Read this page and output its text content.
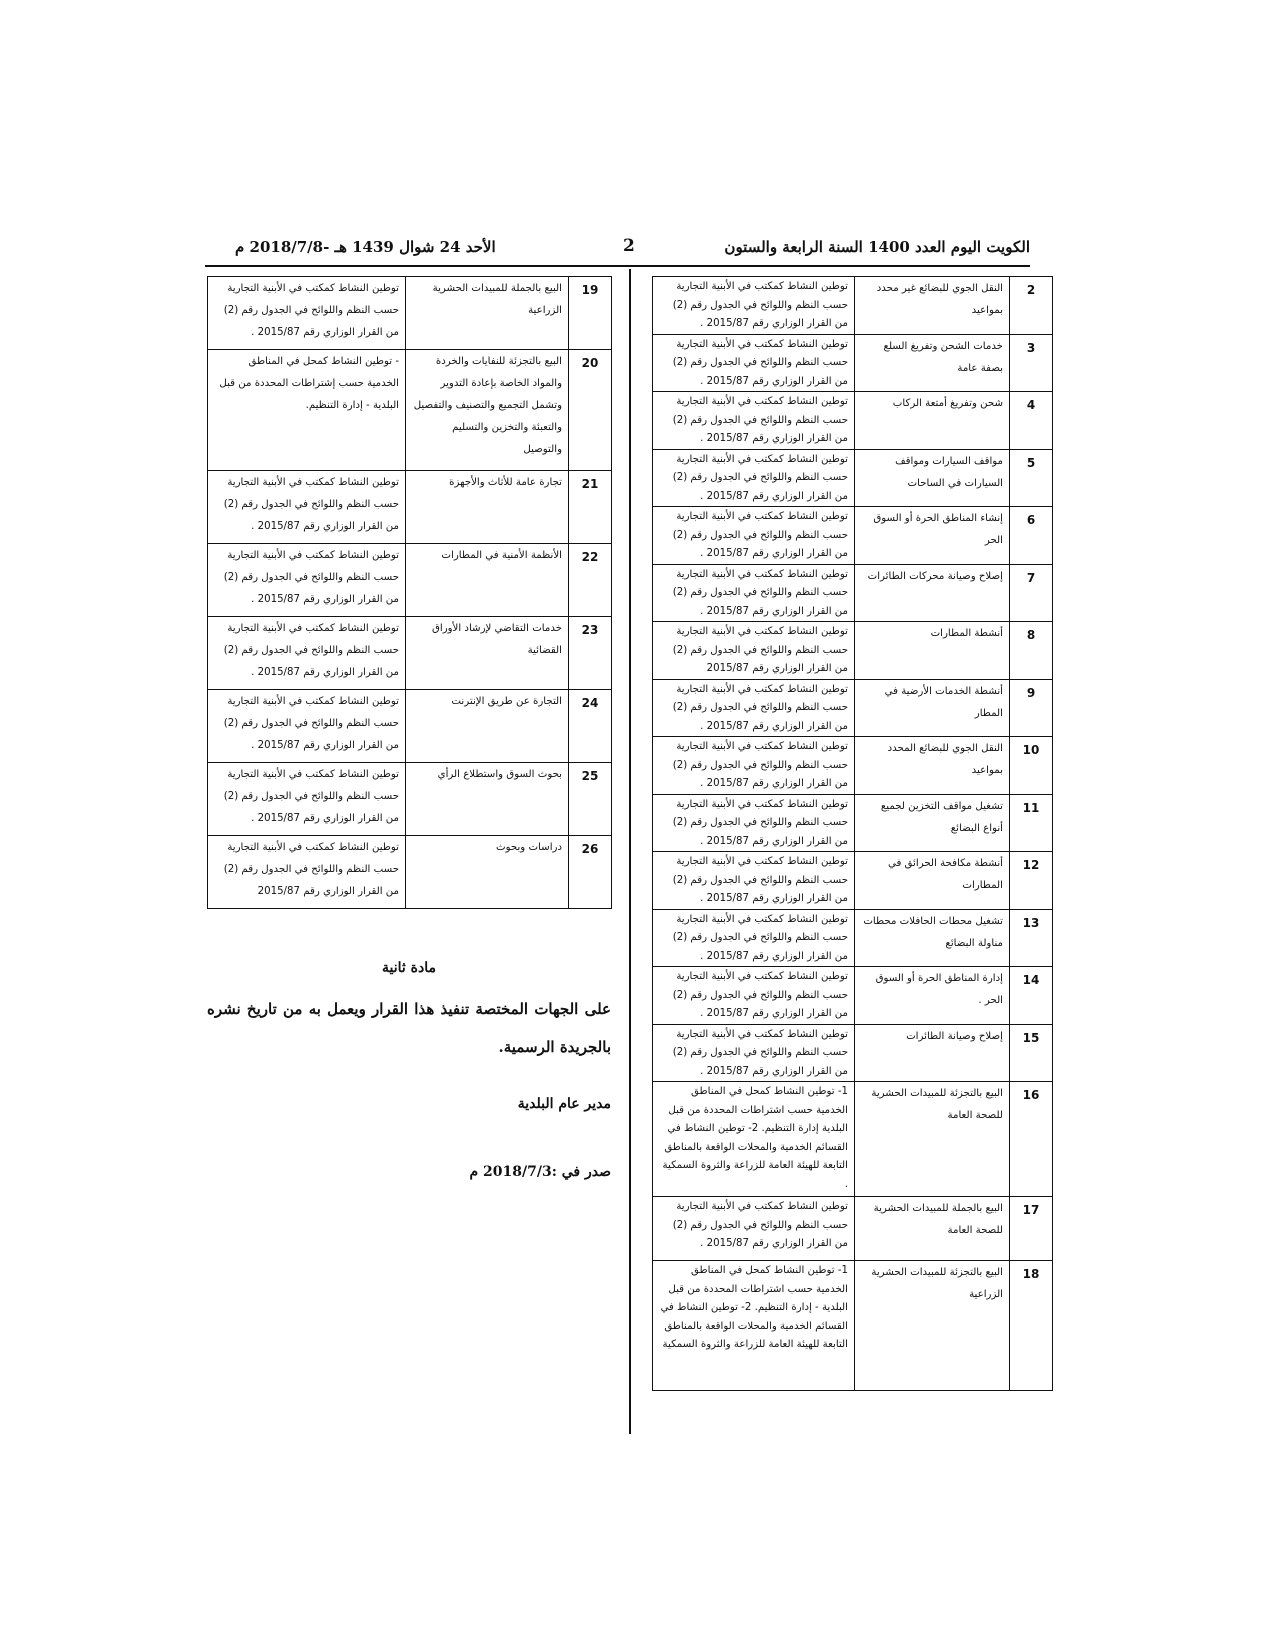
الكويت اليوم العدد 1400 السنة الرابعة والستون
2
الأحد 24 شوال 1439 هـ -2018/7/8 م
2	النقل الجوي للبضائع غير محدد بمواعيد	توطين النشاط كمكتب في الأبنية التجارية حسب النظم واللوائح في الجدول رقم (2) من القرار الوزاري رقم 2015/87 .
3	خدمات الشحن وتفريغ السلع بصفة عامة	توطين النشاط كمكتب في الأبنية التجارية حسب النظم واللوائح في الجدول رقم (2) من القرار الوزاري رقم 2015/87 .
4	شحن وتفريغ أمتعة الركاب	توطين النشاط كمكتب في الأبنية التجارية حسب النظم واللوائح في الجدول رقم (2) من القرار الوزاري رقم 2015/87 .
5	مواقف السيارات ومواقف السيارات في الساحات	توطين النشاط كمكتب في الأبنية التجارية حسب النظم واللوائح في الجدول رقم (2) من القرار الوزاري رقم 2015/87 .
6	إنشاء المناطق الحرة أو السوق الحر	توطين النشاط كمكتب في الأبنية التجارية حسب النظم واللوائح في الجدول رقم (2) من القرار الوزاري رقم 2015/87 .
7	إصلاح وصيانة محركات الطائرات	توطين النشاط كمكتب في الأبنية التجارية حسب النظم واللوائح في الجدول رقم (2) من القرار الوزاري رقم 2015/87 .
8	أنشطة المطارات	توطين النشاط كمكتب في الأبنية التجارية حسب النظم واللوائح في الجدول رقم (2) من القرار الوزاري رقم 2015/87
9	أنشطة الخدمات الأرضية في المطار	توطين النشاط كمكتب في الأبنية التجارية حسب النظم واللوائح في الجدول رقم (2) من القرار الوزاري رقم 2015/87 .
10	النقل الجوي للبضائع المحدد بمواعيد	توطين النشاط كمكتب في الأبنية التجارية حسب النظم واللوائح في الجدول رقم (2) من القرار الوزاري رقم 2015/87 .
11	تشغيل مواقف التخزين لجميع أنواع البضائع	توطين النشاط كمكتب في الأبنية التجارية حسب النظم واللوائح في الجدول رقم (2) من القرار الوزاري رقم 2015/87 .
12	أنشطة مكافحة الحرائق في المطارات	توطين النشاط كمكتب في الأبنية التجارية حسب النظم واللوائح في الجدول رقم (2) من القرار الوزاري رقم 2015/87 .
13	تشغيل محطات الحافلات محطات مناولة البضائع	توطين النشاط كمكتب في الأبنية التجارية حسب النظم واللوائح في الجدول رقم (2) من القرار الوزاري رقم 2015/87 .
14	إدارة المناطق الحرة أو السوق الحر .	توطين النشاط كمكتب في الأبنية التجارية حسب النظم واللوائح في الجدول رقم (2) من القرار الوزاري رقم 2015/87 .
15	إصلاح وصيانة الطائرات	توطين النشاط كمكتب في الأبنية التجارية حسب النظم واللوائح في الجدول رقم (2) من القرار الوزاري رقم 2015/87 .
16	البيع بالتجزئة للمبيدات الحشرية للصحة العامة	1- توطين النشاط كمحل في المناطق الخدمية حسب اشتراطات المحددة من قبل البلدية إدارة التنظيم. 2- توطين النشاط في القسائم الخدمية والمحلات الواقعة بالمناطق التابعة للهيئة العامة للزراعة والثروة السمكية .
17	البيع بالجملة للمبيدات الحشرية للصحة العامة	توطين النشاط كمكتب في الأبنية التجارية حسب النظم واللوائح في الجدول رقم (2) من القرار الوزاري رقم 2015/87 .
18	البيع بالتجزئة للمبيدات الحشرية الزراعية	1- توطين النشاط كمحل في المناطق الخدمية حسب اشتراطات المحددة من قبل البلدية - إدارة التنظيم. 2- توطين النشاط في القسائم الخدمية والمحلات الواقعة بالمناطق التابعة للهيئة العامة للزراعة والثروة السمكية
19	البيع بالجملة للمبيدات الحشرية الزراعية	توطين النشاط كمكتب في الأبنية التجارية حسب النظم واللوائح في الجدول رقم (2) من القرار الوزاري رقم 2015/87 .
20	البيع بالتجزئة للنفايات والخردة والمواد الخاصة بإعادة التدوير وتشمل التجميع والتصنيف والتفصيل والتعبئة والتخزين والتسليم والتوصيل	- توطين النشاط كمحل في المناطق الخدمية حسب إشتراطات المحددة من قبل البلدية - إدارة التنظيم.
21	تجارة عامة للأثاث والأجهزة	توطين النشاط كمكتب في الأبنية التجارية حسب النظم واللوائح في الجدول رقم (2) من القرار الوزاري رقم 2015/87 .
22	الأنظمة الأمنية في المطارات	توطين النشاط كمكتب في الأبنية التجارية حسب النظم واللوائح في الجدول رقم (2) من القرار الوزاري رقم 2015/87 .
23	خدمات التقاضي لإرشاد الأوراق القضائية	توطين النشاط كمكتب في الأبنية التجارية حسب النظم واللوائح في الجدول رقم (2) من القرار الوزاري رقم 2015/87 .
24	التجارة عن طريق الإنترنت	توطين النشاط كمكتب في الأبنية التجارية حسب النظم واللوائح في الجدول رقم (2) من القرار الوزاري رقم 2015/87 .
25	بحوث السوق واستطلاع الرأي	توطين النشاط كمكتب في الأبنية التجارية حسب النظم واللوائح في الجدول رقم (2) من القرار الوزاري رقم 2015/87 .
26	دراسات وبحوث	توطين النشاط كمكتب في الأبنية التجارية حسب النظم واللوائح في الجدول رقم (2) من القرار الوزاري رقم 2015/87
مادة ثانية
على الجهات المختصة تنفيذ هذا القرار ويعمل به من تاريخ نشره بالجريدة الرسمية.
مدير عام البلدية
صدر في :2018/7/3 م
